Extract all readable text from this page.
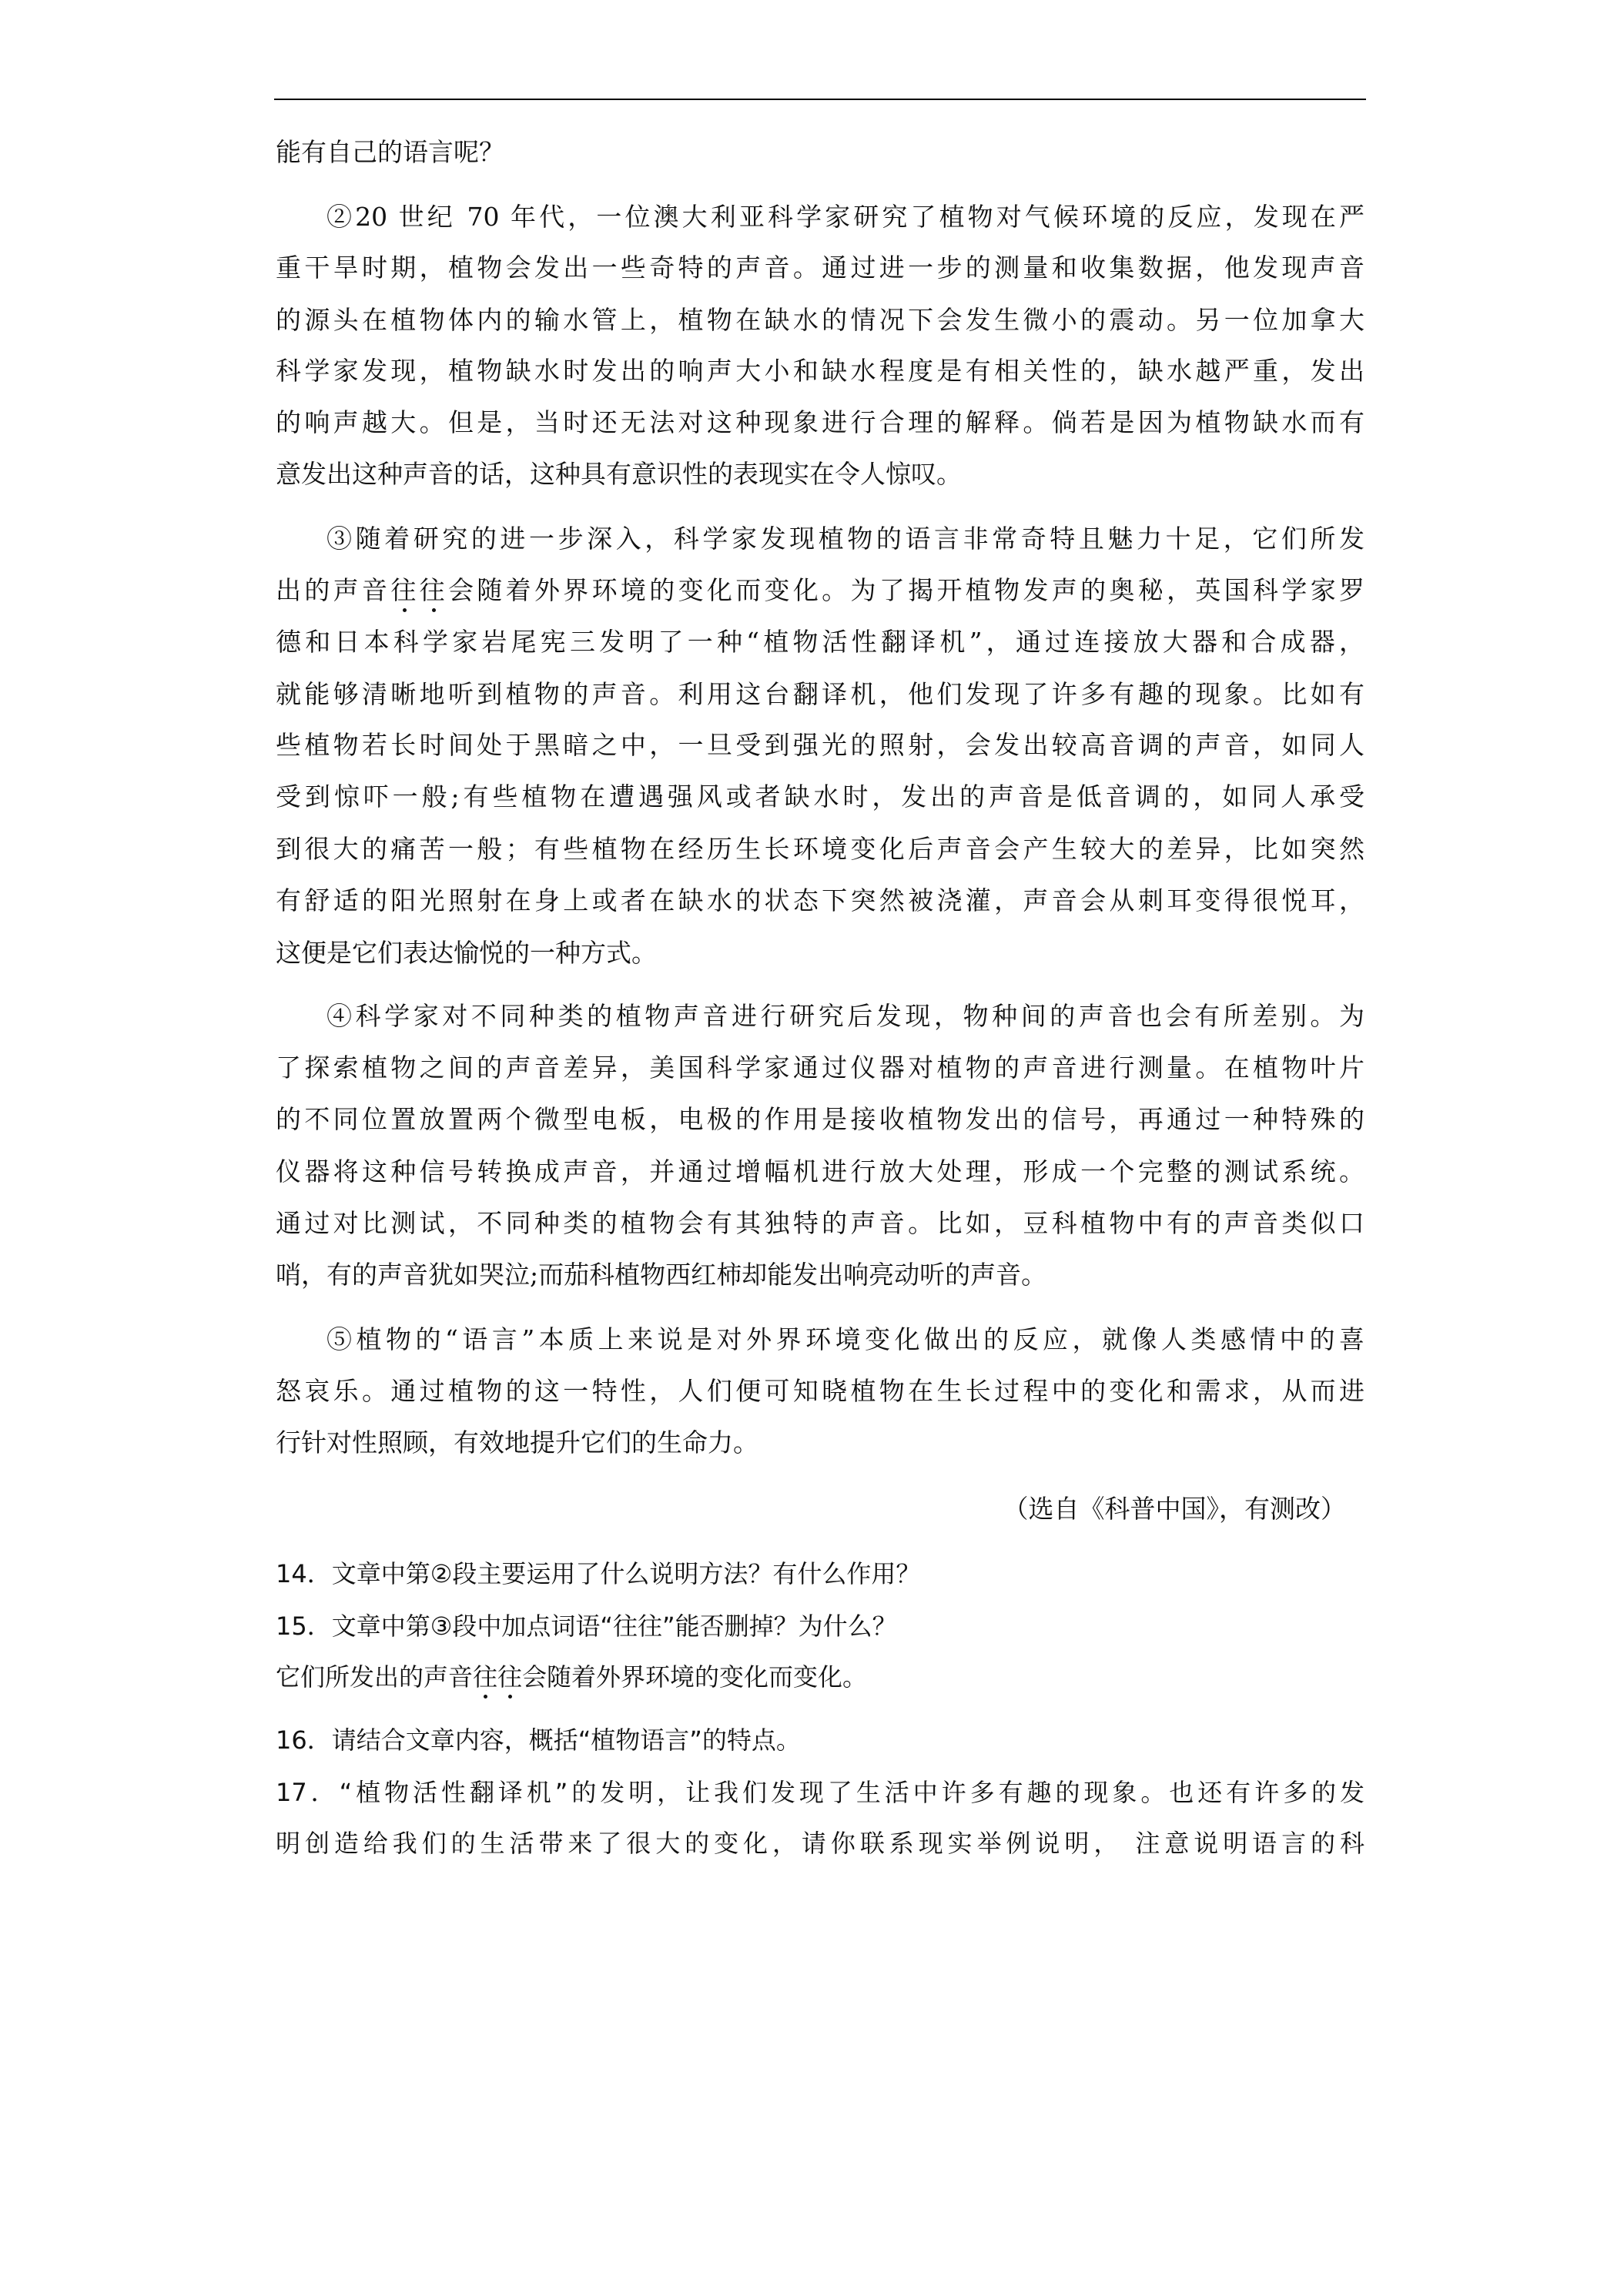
能有自己的语言呢？
②20 世纪 70 年代，一位澳大利亚科学家研究了植物对气候环境的反应，发现在严
重干旱时期，植物会发出一些奇特的声音。通过进一步的测量和收集数据，他发现声音
的源头在植物体内的输水管上，植物在缺水的情况下会发生微小的震动。另一位加拿大
科学家发现，植物缺水时发出的响声大小和缺水程度是有相关性的，缺水越严重，发出
的响声越大。但是，当时还无法对这种现象进行合理的解释。倘若是因为植物缺水而有
意发出这种声音的话，这种具有意识性的表现实在令人惊叹。
③随着研究的进一步深入，科学家发现植物的语言非常奇特且魅力十足，它们所发
出的声音往往会随着外界环境的变化而变化。为了揭开植物发声的奥秘，英国科学家罗
德和日本科学家岩尾宪三发明了一种“植物活性翻译机”，通过连接放大器和合成器，
就能够清晰地听到植物的声音。利用这台翻译机，他们发现了许多有趣的现象。比如有
些植物若长时间处于黑暗之中，一旦受到强光的照射，会发出较高音调的声音，如同人
受到惊吓一般;有些植物在遭遇强风或者缺水时，发出的声音是低音调的，如同人承受
到很大的痛苦一般；有些植物在经历生长环境变化后声音会产生较大的差异，比如突然
有舒适的阳光照射在身上或者在缺水的状态下突然被浇灌，声音会从刺耳变得很悦耳，
这便是它们表达愉悦的一种方式。
④科学家对不同种类的植物声音进行研究后发现，物种间的声音也会有所差别。为
了探索植物之间的声音差异，美国科学家通过仪器对植物的声音进行测量。在植物叶片
的不同位置放置两个微型电板，电极的作用是接收植物发出的信号，再通过一种特殊的
仪器将这种信号转换成声音，并通过增幅机进行放大处理，形成一个完整的测试系统。
通过对比测试，不同种类的植物会有其独特的声音。比如，豆科植物中有的声音类似口
哨，有的声音犹如哭泣;而茄科植物西红柿却能发出响亮动听的声音。
⑤植物的“语言”本质上来说是对外界环境变化做出的反应，就像人类感情中的喜
怒哀乐。通过植物的这一特性，人们便可知晓植物在生长过程中的变化和需求，从而进
行针对性照顾，有效地提升它们的生命力。
（选自《科普中国》，有测改）
14．文章中第②段主要运用了什么说明方法？有什么作用？
15．文章中第③段中加点词语“往往”能否删掉？为什么？
它们所发出的声音往往会随着外界环境的变化而变化。
16．请结合文章内容，概括“植物语言”的特点。
17．“植物活性翻译机”的发明，让我们发现了生活中许多有趣的现象。也还有许多的发
明创造给我们的生活带来了很大的变化，请你联系现实举例说明， 注意说明语言的科
